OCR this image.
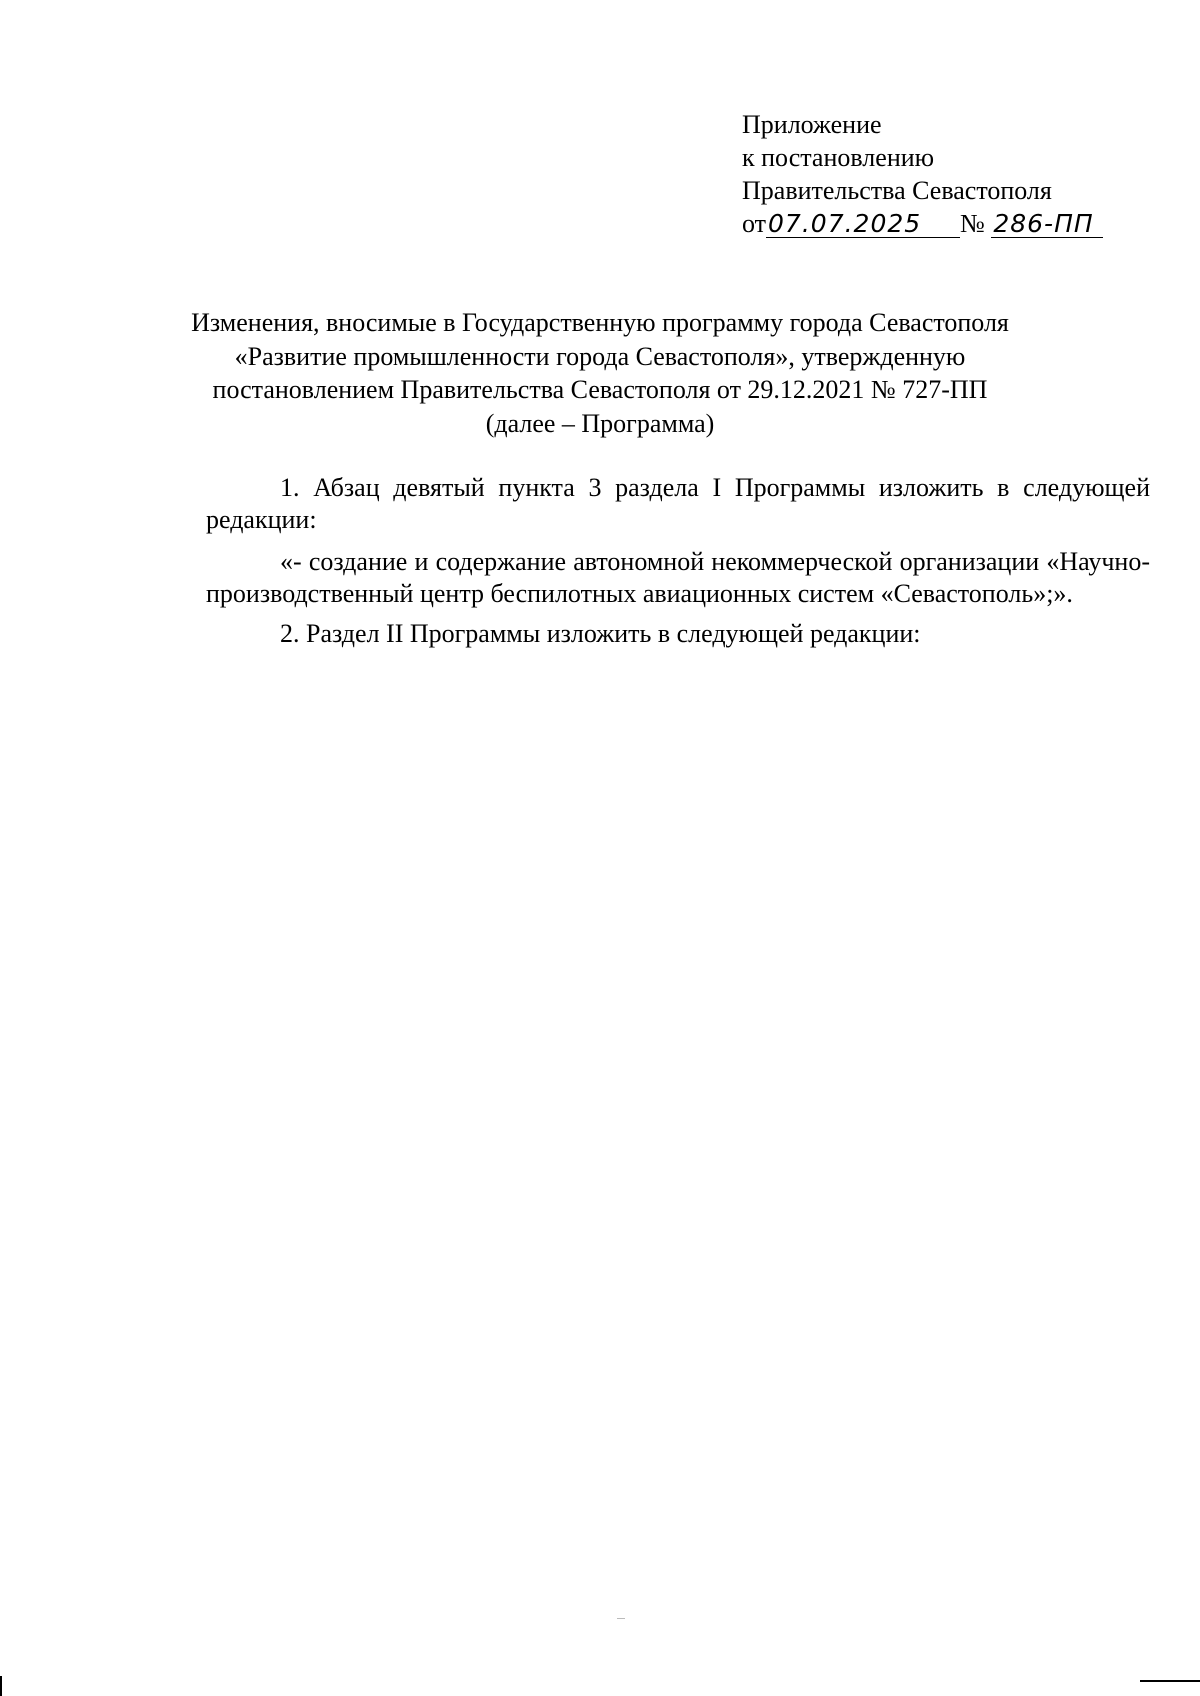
Приложение
к постановлению
Правительства Севастополя
от07.07.2025 № 286-ПП
Изменения, вносимые в Государственную программу города Севастополя
«Развитие промышленности города Севастополя», утвержденную
постановлением Правительства Севастополя от 29.12.2021 № 727-ПП
(далее – Программа)

1. Абзац девятый пункта 3 раздела I Программы изложить в следующей редакции:

«- создание и содержание автономной некоммерческой организации «Научно-производственный центр беспилотных авиационных систем «Севастополь»;».

2. Раздел II Программы изложить в следующей редакции:
